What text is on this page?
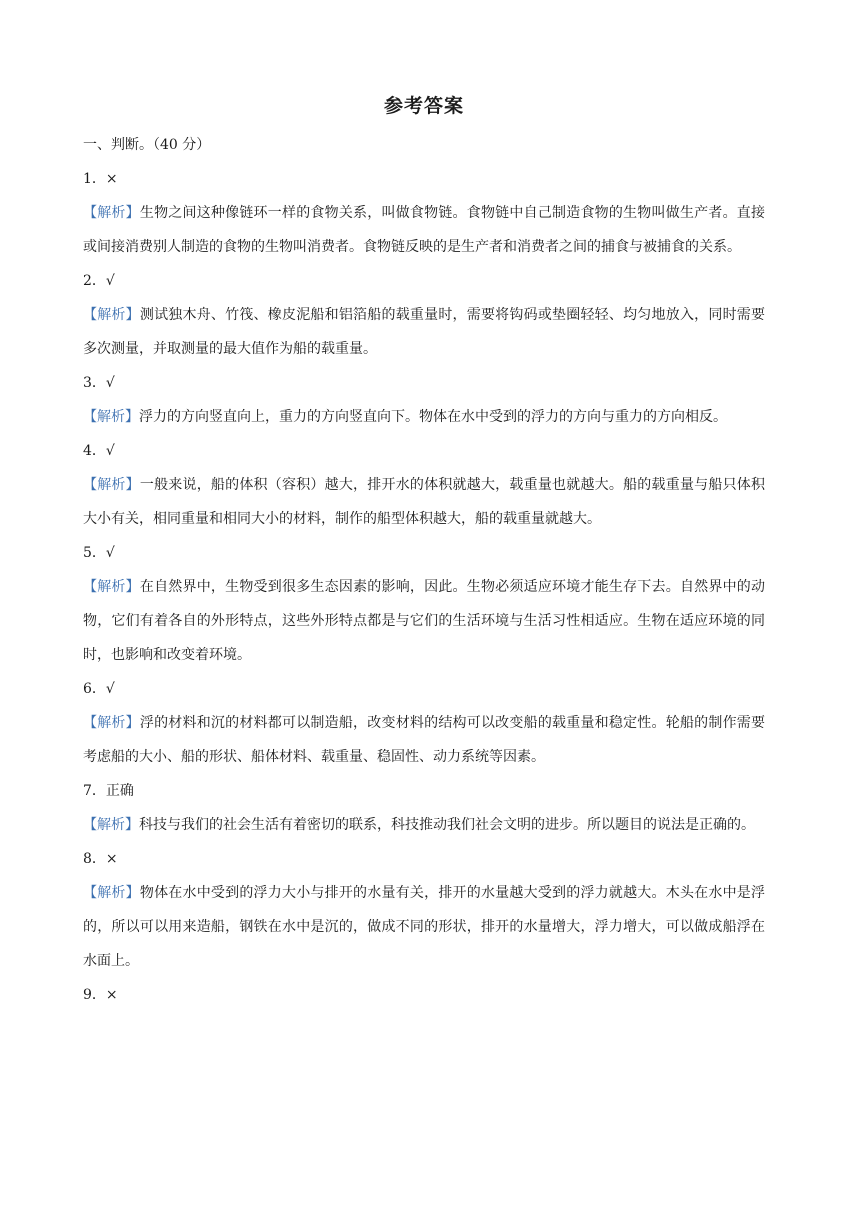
参考答案
一、判断。（40 分）
1．×
【解析】生物之间这种像链环一样的食物关系，叫做食物链。食物链中自己制造食物的生物叫做生产者。直接或间接消费别人制造的食物的生物叫消费者。食物链反映的是生产者和消费者之间的捕食与被捕食的关系。
2．√
【解析】测试独木舟、竹筏、橡皮泥船和铝箔船的载重量时，需要将钩码或垫圈轻轻、均匀地放入，同时需要多次测量，并取测量的最大值作为船的载重量。
3．√
【解析】浮力的方向竖直向上，重力的方向竖直向下。物体在水中受到的浮力的方向与重力的方向相反。
4．√
【解析】一般来说，船的体积（容积）越大，排开水的体积就越大，载重量也就越大。船的载重量与船只体积大小有关，相同重量和相同大小的材料，制作的船型体积越大，船的载重量就越大。
5．√
【解析】在自然界中，生物受到很多生态因素的影响，因此。生物必须适应环境才能生存下去。自然界中的动物，它们有着各自的外形特点，这些外形特点都是与它们的生活环境与生活习性相适应。生物在适应环境的同时，也影响和改变着环境。
6．√
【解析】浮的材料和沉的材料都可以制造船，改变材料的结构可以改变船的载重量和稳定性。轮船的制作需要考虑船的大小、船的形状、船体材料、载重量、稳固性、动力系统等因素。
7．正确
【解析】科技与我们的社会生活有着密切的联系，科技推动我们社会文明的进步。所以题目的说法是正确的。
8．×
【解析】物体在水中受到的浮力大小与排开的水量有关，排开的水量越大受到的浮力就越大。木头在水中是浮的，所以可以用来造船，钢铁在水中是沉的，做成不同的形状，排开的水量增大，浮力增大，可以做成船浮在水面上。
9．×
